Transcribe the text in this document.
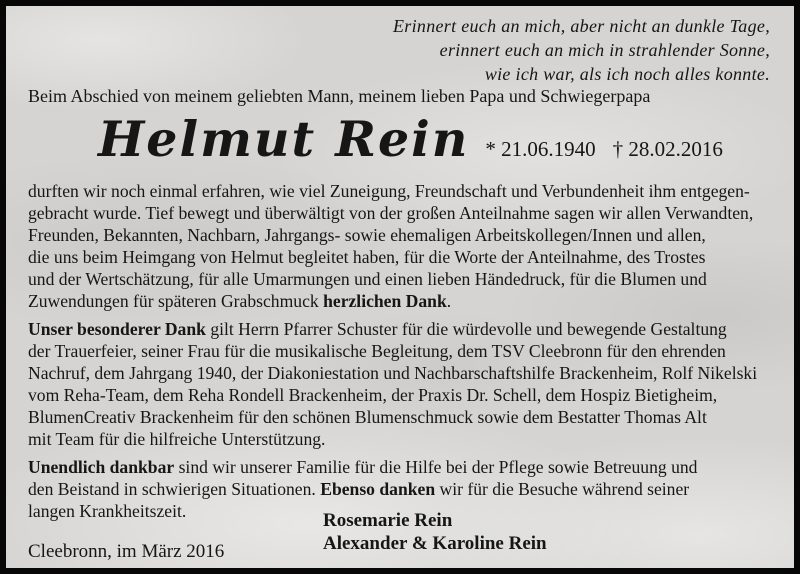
Erinnert euch an mich, aber nicht an dunkle Tage,
erinnert euch an mich in strahlender Sonne,
wie ich war, als ich noch alles konnte.
Beim Abschied von meinem geliebten Mann, meinem lieben Papa und Schwiegerpapa
Helmut Rein * 21.06.1940 † 28.02.2016
durften wir noch einmal erfahren, wie viel Zuneigung, Freundschaft und Verbundenheit ihm entgegen-
gebracht wurde. Tief bewegt und überwältigt von der großen Anteilnahme sagen wir allen Verwandten,
Freunden, Bekannten, Nachbarn, Jahrgangs- sowie ehemaligen Arbeitskollegen/Innen und allen,
die uns beim Heimgang von Helmut begleitet haben, für die Worte der Anteilnahme, des Trostes
und der Wertschätzung, für alle Umarmungen und einen lieben Händedruck, für die Blumen und
Zuwendungen für späteren Grabschmuck herzlichen Dank.
Unser besonderer Dank gilt Herrn Pfarrer Schuster für die würdevolle und bewegende Gestaltung
der Trauerfeier, seiner Frau für die musikalische Begleitung, dem TSV Cleebronn für den ehrenden
Nachruf, dem Jahrgang 1940, der Diakoniestation und Nachbarschaftshilfe Brackenheim, Rolf Nikelski
vom Reha-Team, dem Reha Rondell Brackenheim, der Praxis Dr. Schell, dem Hospiz Bietigheim,
BlumenCreativ Brackenheim für den schönen Blumenschmuck sowie dem Bestatter Thomas Alt
mit Team für die hilfreiche Unterstützung.
Unendlich dankbar sind wir unserer Familie für die Hilfe bei der Pflege sowie Betreuung und
den Beistand in schwierigen Situationen. Ebenso danken wir für die Besuche während seiner
langen Krankheitszeit.	Rosemarie Rein
Alexander & Karoline Rein
Cleebronn, im März 2016
